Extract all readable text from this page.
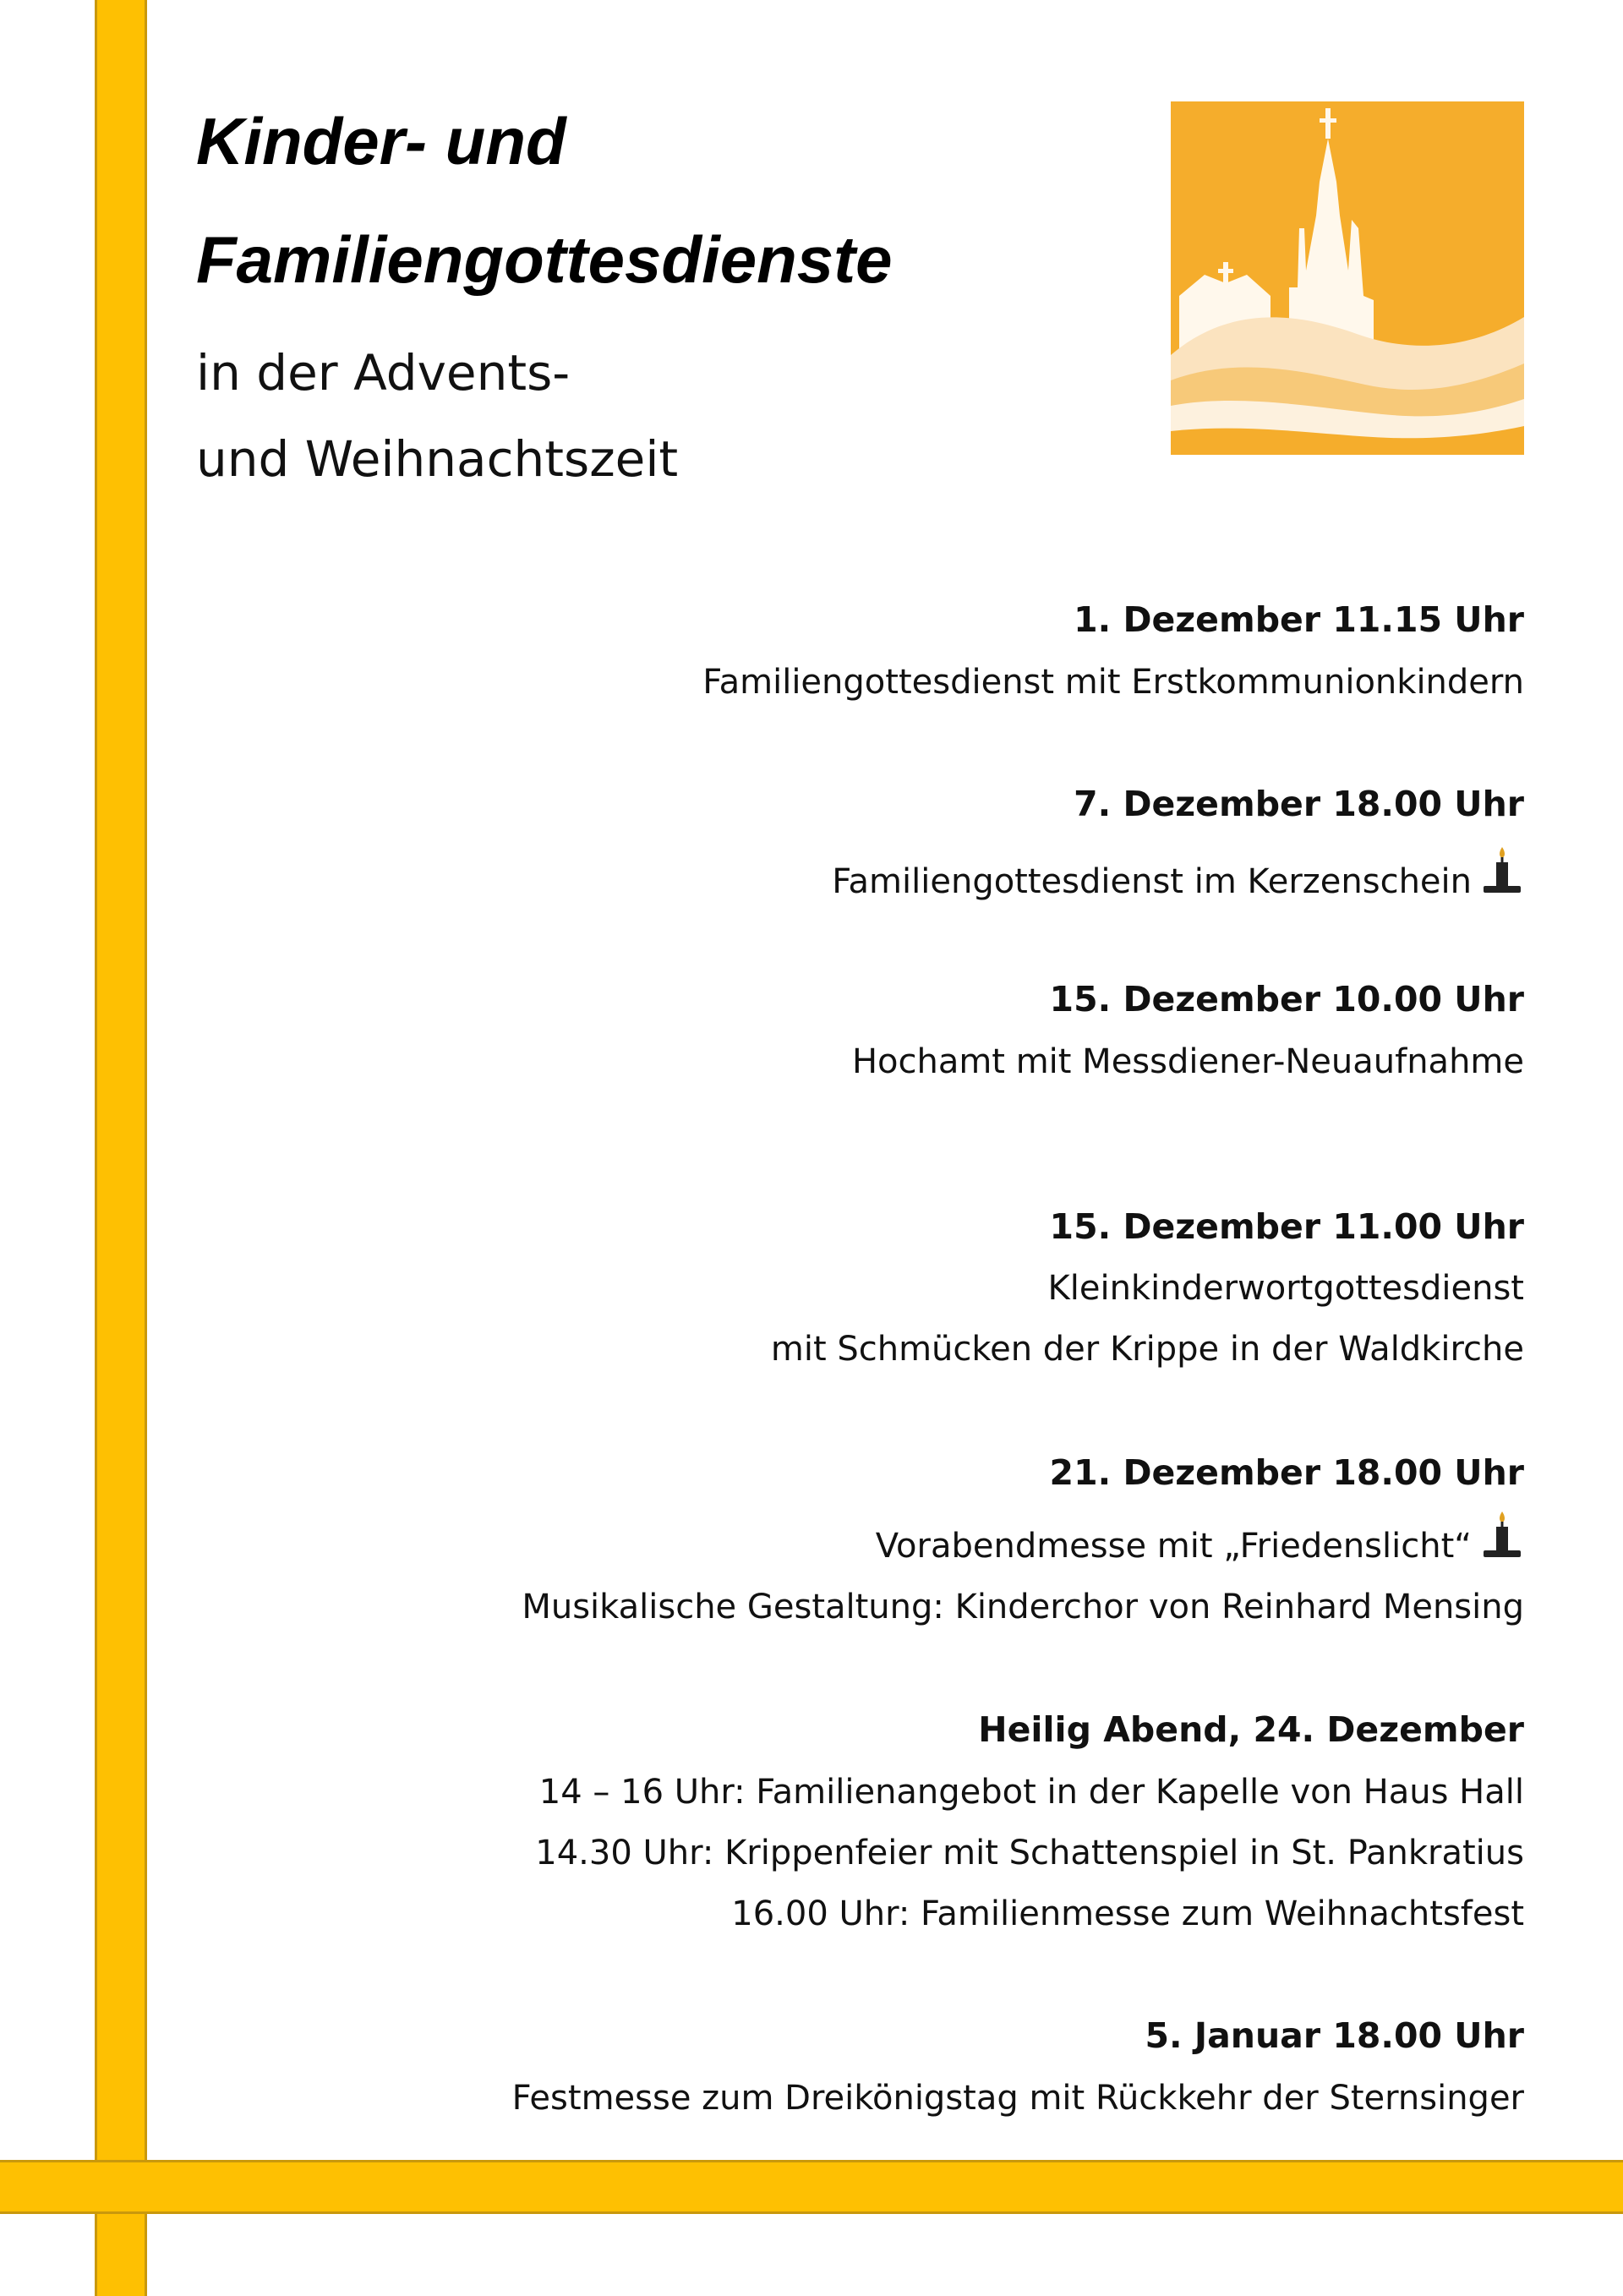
Kinder- und
Familiengottesdienste

in der Advents-

und Weihnachtszeit

1. Dezember 11.15 Uhr
Familiengottesdienst mit Erstkommunionkindern
7. Dezember 18.00 Uhr
Familiengottesdienst im Kerzenschein
15. Dezember 10.00 Uhr
Hochamt mit Messdiener-Neuaufnahme
15. Dezember 11.00 Uhr
Kleinkinderwortgottesdienst
mit Schmücken der Krippe in der Waldkirche
21. Dezember 18.00 Uhr
Vorabendmesse mit „Friedenslicht“
Musikalische Gestaltung: Kinderchor von Reinhard Mensing
Heilig Abend, 24. Dezember
14 – 16 Uhr: Familienangebot in der Kapelle von Haus Hall
14.30 Uhr: Krippenfeier mit Schattenspiel in St. Pankratius
16.00 Uhr: Familienmesse zum Weihnachtsfest
5. Januar 18.00 Uhr
Festmesse zum Dreikönigstag mit Rückkehr der Sternsinger
